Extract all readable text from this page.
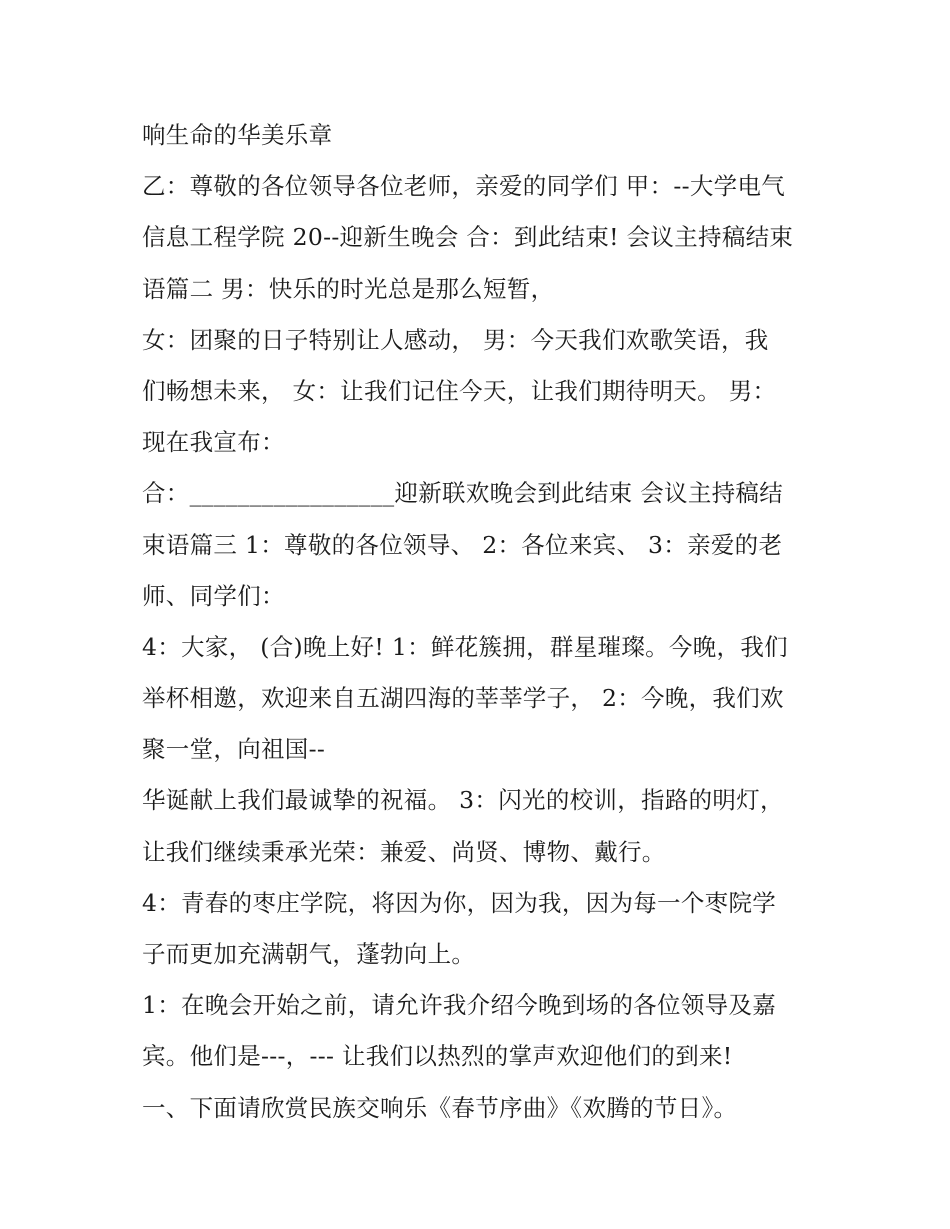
响生命的华美乐章
乙：尊敬的各位领导各位老师，亲爱的同学们 甲：--大学电气
信息工程学院 20--迎新生晚会 合：到此结束! 会议主持稿结束
语篇二 男：快乐的时光总是那么短暂，
女：团聚的日子特别让人感动， 男：今天我们欢歌笑语，我
们畅想未来， 女：让我们记住今天，让我们期待明天。 男：
现在我宣布：
合：_________________迎新联欢晚会到此结束 会议主持稿结
束语篇三 1：尊敬的各位领导、 2：各位来宾、 3：亲爱的老
师、同学们：
4：大家， (合)晚上好! 1：鲜花簇拥，群星璀璨。今晚，我们
举杯相邀，欢迎来自五湖四海的莘莘学子， 2：今晚，我们欢
聚一堂，向祖国--
华诞献上我们最诚挚的祝福。 3：闪光的校训，指路的明灯，
让我们继续秉承光荣：兼爱、尚贤、博物、戴行。
4：青春的枣庄学院，将因为你，因为我，因为每一个枣院学
子而更加充满朝气，蓬勃向上。
1：在晚会开始之前，请允许我介绍今晚到场的各位领导及嘉
宾。他们是---，--- 让我们以热烈的掌声欢迎他们的到来!
一、下面请欣赏民族交响乐《春节序曲》《欢腾的节日》。
